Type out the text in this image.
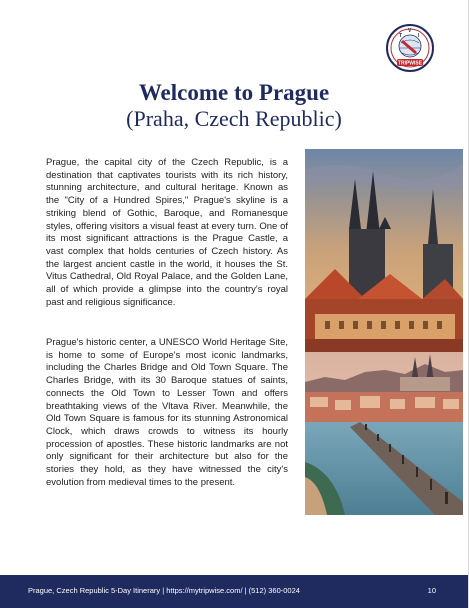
T
V
I
TRIPWISE
Welcome to Prague
(Praha, Czech Republic)
Prague, the capital city of the Czech Republic, is a destination that captivates tourists with its rich history, stunning architecture, and cultural heritage. Known as the "City of a Hundred Spires," Prague's skyline is a striking blend of Gothic, Baroque, and Romanesque styles, offering visitors a visual feast at every turn. One of its most significant attractions is the Prague Castle, a vast complex that holds centuries of Czech history. As the largest ancient castle in the world, it houses the St. Vitus Cathedral, Old Royal Palace, and the Golden Lane, all of which provide a glimpse into the country's royal past and religious significance.
Prague's historic center, a UNESCO World Heritage Site, is home to some of Europe's most iconic landmarks, including the Charles Bridge and Old Town Square. The Charles Bridge, with its 30 Baroque statues of saints, connects the Old Town to Lesser Town and offers breathtaking views of the Vltava River. Meanwhile, the Old Town Square is famous for its stunning Astronomical Clock, which draws crowds to witness its hourly procession of apostles. These historic landmarks are not only significant for their architecture but also for the stories they hold, as they have witnessed the city's evolution from medieval times to the present.
Prague, Czech Republic 5-Day Itinerary | https://mytripwise.com/ | (512) 360-0024	10
